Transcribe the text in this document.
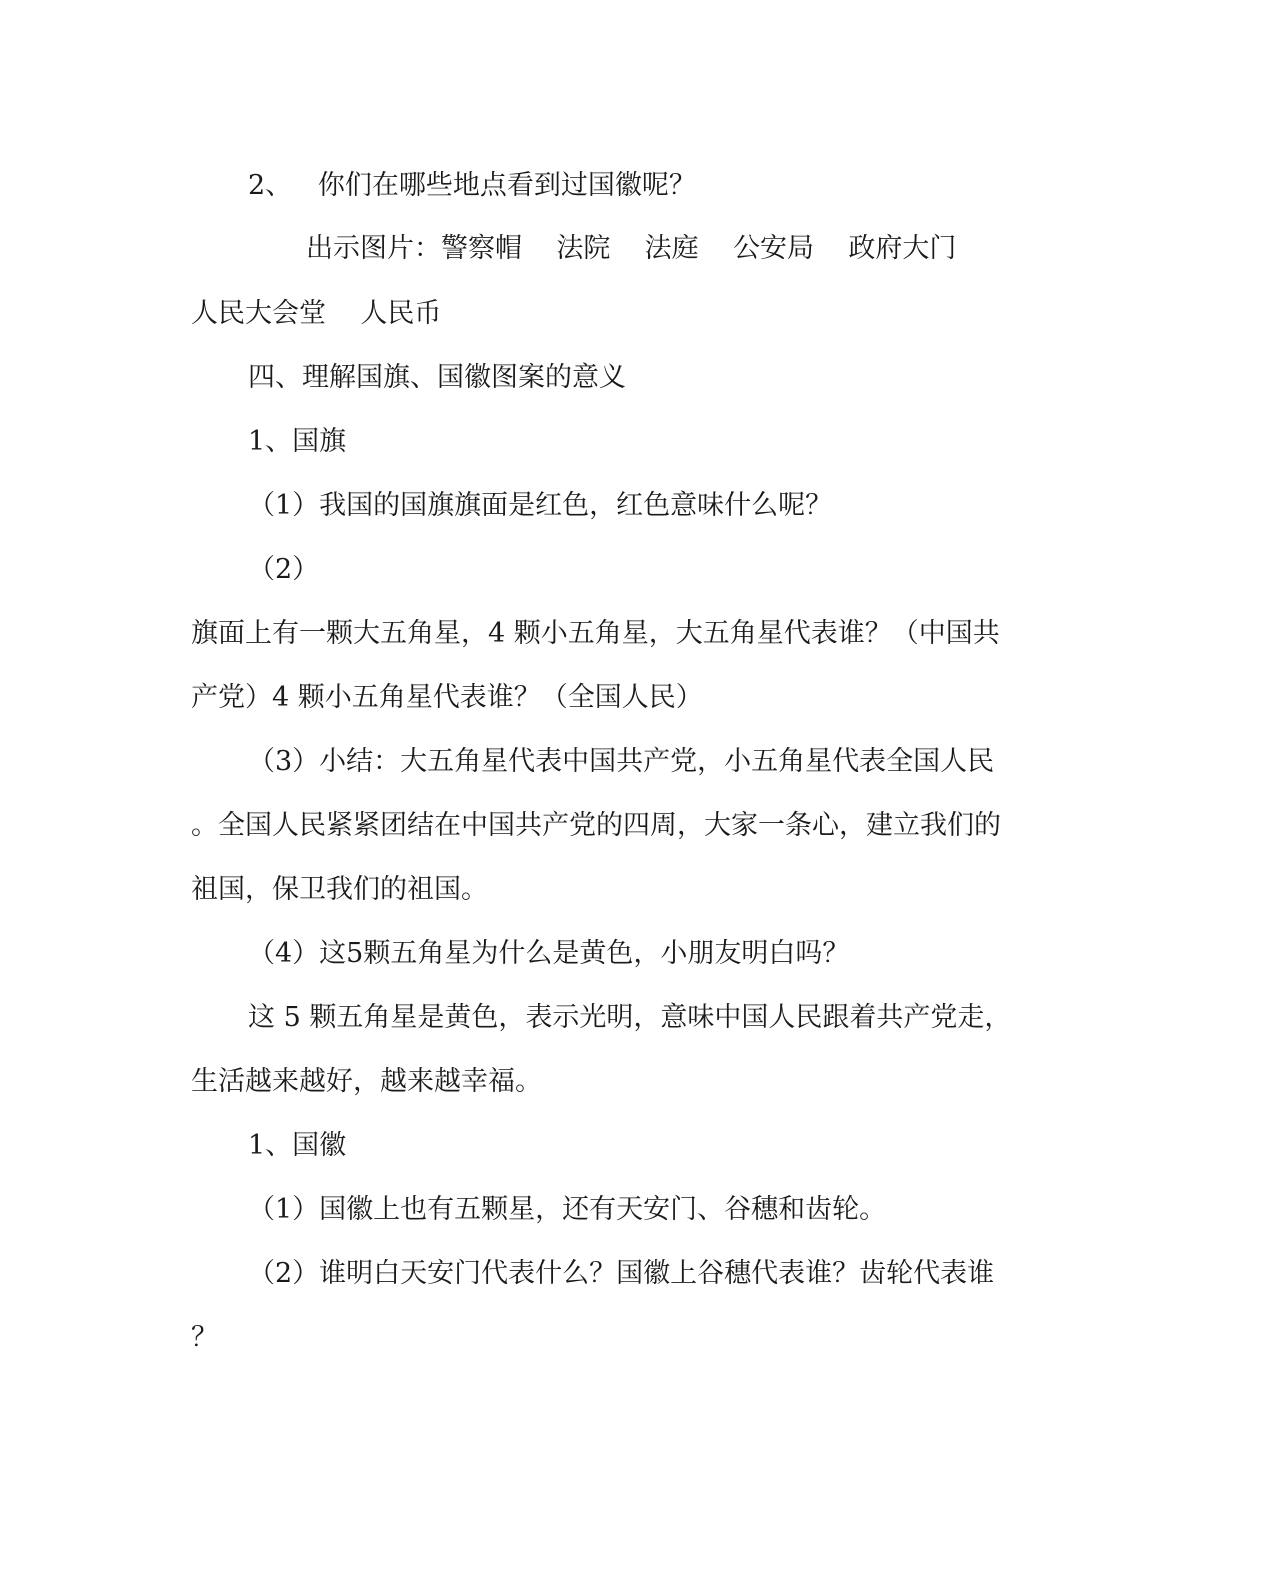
2、   你们在哪些地点看到过国徽呢？

出示图片：警察帽    法院    法庭    公安局    政府大门

人民大会堂    人民币

四、理解国旗、国徽图案的意义

1、国旗

（1）我国的国旗旗面是红色，红色意味什么呢？

（2）

旗面上有一颗大五角星，4 颗小五角星，大五角星代表谁？（中国共

产党）4 颗小五角星代表谁？（全国人民）

（3）小结：大五角星代表中国共产党，小五角星代表全国人民

。全国人民紧紧团结在中国共产党的四周，大家一条心，建立我们的

祖国，保卫我们的祖国。

（4）这5颗五角星为什么是黄色，小朋友明白吗？

这 5 颗五角星是黄色，表示光明，意味中国人民跟着共产党走，

生活越来越好，越来越幸福。

1、国徽

（1）国徽上也有五颗星，还有天安门、谷穗和齿轮。

（2）谁明白天安门代表什么？国徽上谷穗代表谁？齿轮代表谁

？
